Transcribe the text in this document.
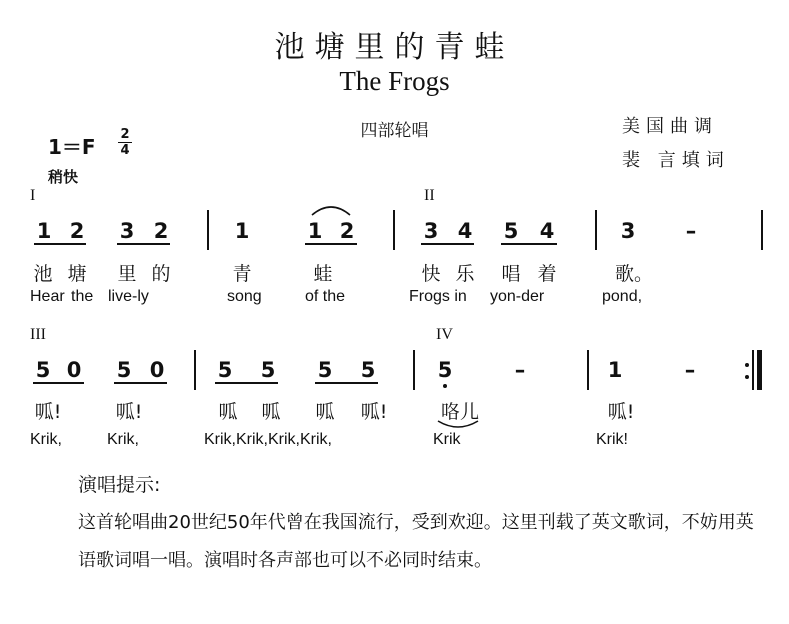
池塘里的青蛙
The Frogs
四部轮唱	美国曲调
裴 言填词
1＝F
2
4
稍快
I	II
III	IV
1 2 3 2	1	1 2	3 4 5 4	3 –
池 塘 里 的	青	蛙	快 乐 唱 着	歌。
Hear the live-ly	song	of the	Frogs in yon-der	pond,
5 0 5 0	5 5 5 5	5	–	1	–
呱!	呱!	呱 呱 呱 呱!	咯儿	呱!
Krik,	Krik,	Krik,Krik,Krik,Krik,	Krik	Krik!
演唱提示:
这首轮唱曲20世纪50年代曾在我国流行，受到欢迎。这里刊载了英文歌词，不妨用英语歌词唱一唱。演唱时各声部也可以不必同时结束。
